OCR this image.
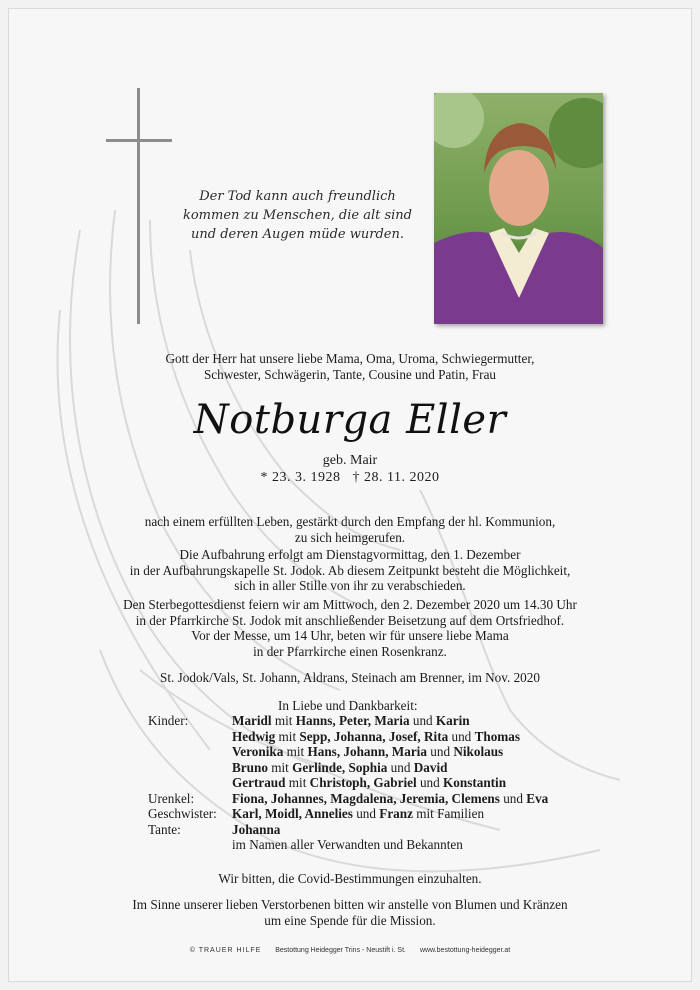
Der Tod kann auch freundlich
kommen zu Menschen, die alt sind
und deren Augen müde wurden.
Gott der Herr hat unsere liebe Mama, Oma, Uroma, Schwiegermutter,
Schwester, Schwägerin, Tante, Cousine und Patin, Frau
Notburga Eller
geb. Mair
* 23. 3. 1928   † 28. 11. 2020
nach einem erfüllten Leben, gestärkt durch den Empfang der hl. Kommunion,
zu sich heimgerufen.
Die Aufbahrung erfolgt am Dienstagvormittag, den 1. Dezember
in der Aufbahrungskapelle St. Jodok. Ab diesem Zeitpunkt besteht die Möglichkeit,
sich in aller Stille von ihr zu verabschieden.
Den Sterbegottesdienst feiern wir am Mittwoch, den 2. Dezember 2020 um 14.30 Uhr
in der Pfarrkirche St. Jodok mit anschließender Beisetzung auf dem Ortsfriedhof.
Vor der Messe, um 14 Uhr, beten wir für unsere liebe Mama
in der Pfarrkirche einen Rosenkranz.
St. Jodok/Vals, St. Johann, Aldrans, Steinach am Brenner, im Nov. 2020
In Liebe und Dankbarkeit:
Kinder:	Maridl mit Hanns, Peter, Maria und Karin
Hedwig mit Sepp, Johanna, Josef, Rita und Thomas
Veronika mit Hans, Johann, Maria und Nikolaus
Bruno mit Gerlinde, Sophia und David
Gertraud mit Christoph, Gabriel und Konstantin
Urenkel:	Fiona, Johannes, Magdalena, Jeremia, Clemens und Eva
Geschwister:	Karl, Moidl, Annelies und Franz mit Familien
Tante:	Johanna
im Namen aller Verwandten und Bekannten
Wir bitten, die Covid-Bestimmungen einzuhalten.
Im Sinne unserer lieben Verstorbenen bitten wir anstelle von Blumen und Kränzen
um eine Spende für die Mission.
© TRAUER HILFE Bestottung Heidegger Trins - Neustift i. St. www.bestottung-heidegger.at
